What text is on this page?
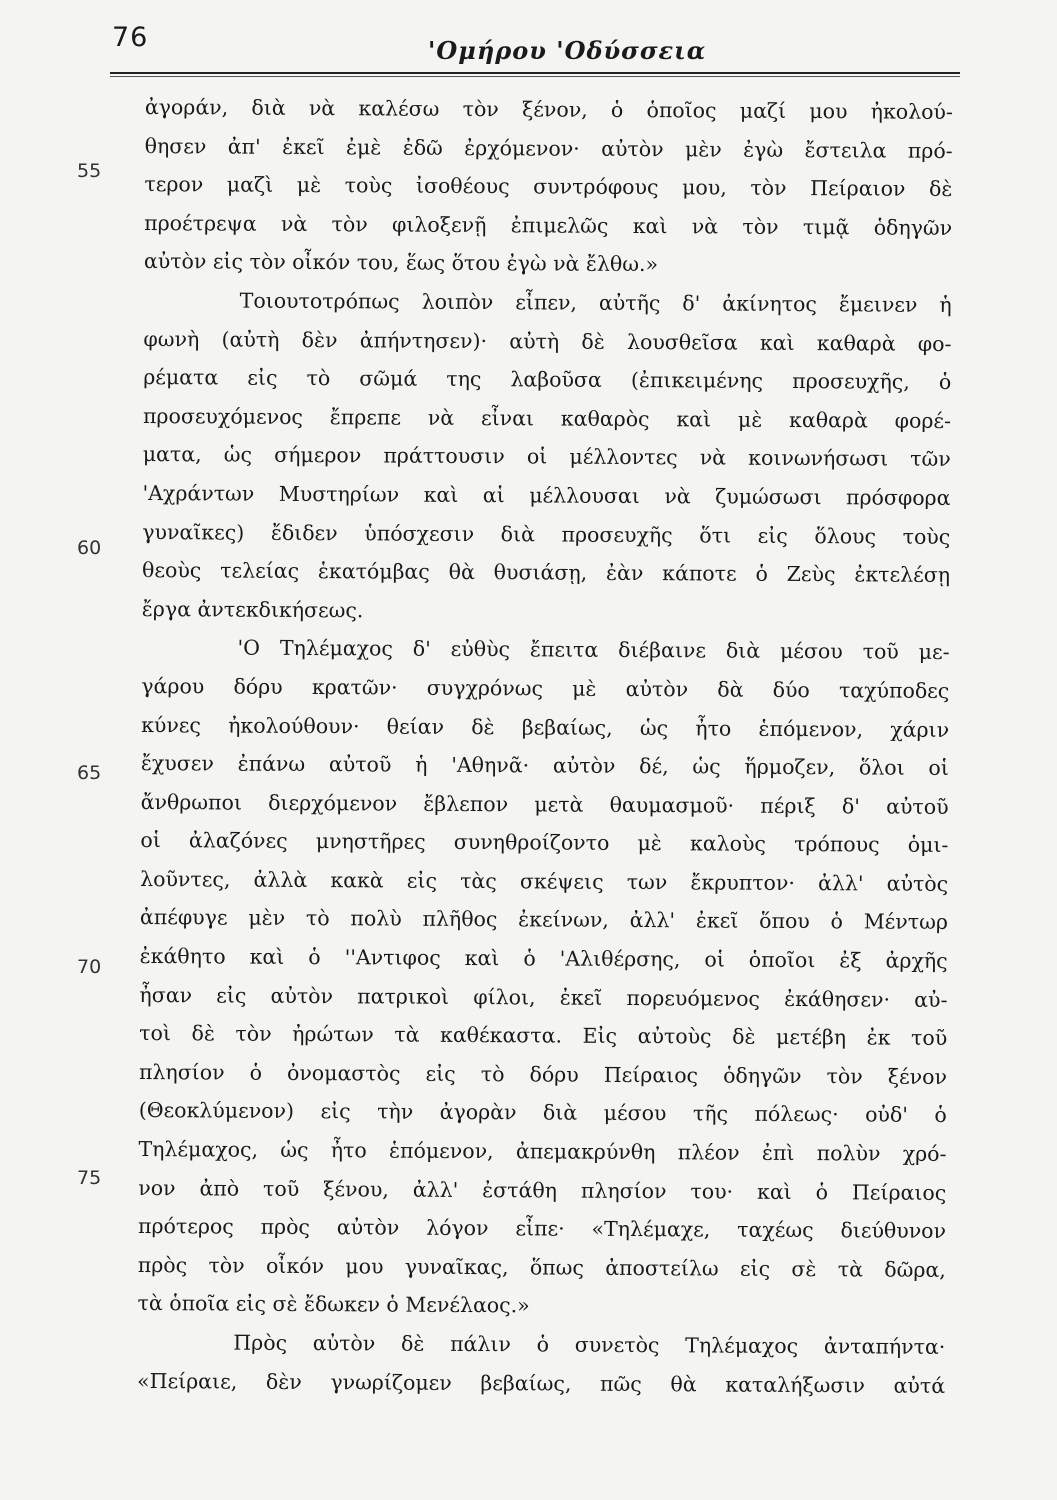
76	'Ομήρου 'Οδύσσεια
55
60
65
70
75

ἀγοράν, διὰ νὰ καλέσω τὸν ξένον, ὁ ὁποῖος μαζί μου ἠκολού-
θησεν ἀπ' ἐκεῖ ἐμὲ ἐδῶ ἐρχόμενον· αὐτὸν μὲν ἐγὼ ἔστειλα πρό-
τερον μαζὶ μὲ τοὺς ἰσοθέους συντρόφους μου, τὸν Πείραιον δὲ
προέτρεψα νὰ τὸν φιλοξενῇ ἐπιμελῶς καὶ νὰ τὸν τιμᾷ ὁδηγῶν
αὐτὸν εἰς τὸν οἶκόν του, ἕως ὅτου ἐγὼ νὰ ἔλθω.»

Τοιουτοτρόπως λοιπὸν εἶπεν, αὐτῆς δ' ἀκίνητος ἔμεινεν ἡ
φωνὴ (αὐτὴ δὲν ἀπήντησεν)· αὐτὴ δὲ λουσθεῖσα καὶ καθαρὰ φο-
ρέματα εἰς τὸ σῶμά της λαβοῦσα (ἐπικειμένης προσευχῆς, ὁ
προσευχόμενος ἔπρεπε νὰ εἶναι καθαρὸς καὶ μὲ καθαρὰ φορέ-
ματα, ὡς σήμερον πράττουσιν οἱ μέλλοντες νὰ κοινωνήσωσι τῶν
'Αχράντων Μυστηρίων καὶ αἱ μέλλουσαι νὰ ζυμώσωσι πρόσφορα
γυναῖκες) ἔδιδεν ὑπόσχεσιν διὰ προσευχῆς ὅτι εἰς ὅλους τοὺς
θεοὺς τελείας ἑκατόμβας θὰ θυσιάσῃ, ἐὰν κάποτε ὁ Ζεὺς ἐκτελέσῃ
ἔργα ἀντεκδικήσεως.

'Ο Τηλέμαχος δ' εὐθὺς ἔπειτα διέβαινε διὰ μέσου τοῦ με-
γάρου δόρυ κρατῶν· συγχρόνως μὲ αὐτὸν δὰ δύο ταχύποδες
κύνες ἠκολούθουν· θείαν δὲ βεβαίως, ὡς ἦτο ἑπόμενον, χάριν
ἔχυσεν ἐπάνω αὐτοῦ ἡ 'Αθηνᾶ· αὐτὸν δέ, ὡς ἥρμοζεν, ὅλοι οἱ
ἄνθρωποι διερχόμενον ἔβλεπον μετὰ θαυμασμοῦ· πέριξ δ' αὐτοῦ
οἱ ἀλαζόνες μνηστῆρες συνηθροίζοντο μὲ καλοὺς τρόπους ὁμι-
λοῦντες, ἀλλὰ κακὰ εἰς τὰς σκέψεις των ἔκρυπτον· ἀλλ' αὐτὸς
ἀπέφυγε μὲν τὸ πολὺ πλῆθος ἐκείνων, ἀλλ' ἐκεῖ ὅπου ὁ Μέντωρ
ἐκάθητο καὶ ὁ ''Αντιφος καὶ ὁ 'Αλιθέρσης, οἱ ὁποῖοι ἐξ ἀρχῆς
ἦσαν εἰς αὐτὸν πατρικοὶ φίλοι, ἐκεῖ πορευόμενος ἐκάθησεν· αὐ-
τοὶ δὲ τὸν ἠρώτων τὰ καθέκαστα. Εἰς αὐτοὺς δὲ μετέβη ἐκ τοῦ
πλησίον ὁ ὀνομαστὸς εἰς τὸ δόρυ Πείραιος ὁδηγῶν τὸν ξένον
(Θεοκλύμενον) εἰς τὴν ἀγορὰν διὰ μέσου τῆς πόλεως· οὐδ' ὁ
Τηλέμαχος, ὡς ἦτο ἑπόμενον, ἀπεμακρύνθη πλέον ἐπὶ πολὺν χρό-
νον ἀπὸ τοῦ ξένου, ἀλλ' ἐστάθη πλησίον του· καὶ ὁ Πείραιος
πρότερος πρὸς αὐτὸν λόγον εἶπε· «Τηλέμαχε, ταχέως διεύθυνον
πρὸς τὸν οἶκόν μου γυναῖκας, ὅπως ἀποστείλω εἰς σὲ τὰ δῶρα,
τὰ ὁποῖα εἰς σὲ ἔδωκεν ὁ Μενέλαος.»

Πρὸς αὐτὸν δὲ πάλιν ὁ συνετὸς Τηλέμαχος ἀνταπήντα·
«Πείραιε, δὲν γνωρίζομεν βεβαίως, πῶς θὰ καταλήξωσιν αὐτά
